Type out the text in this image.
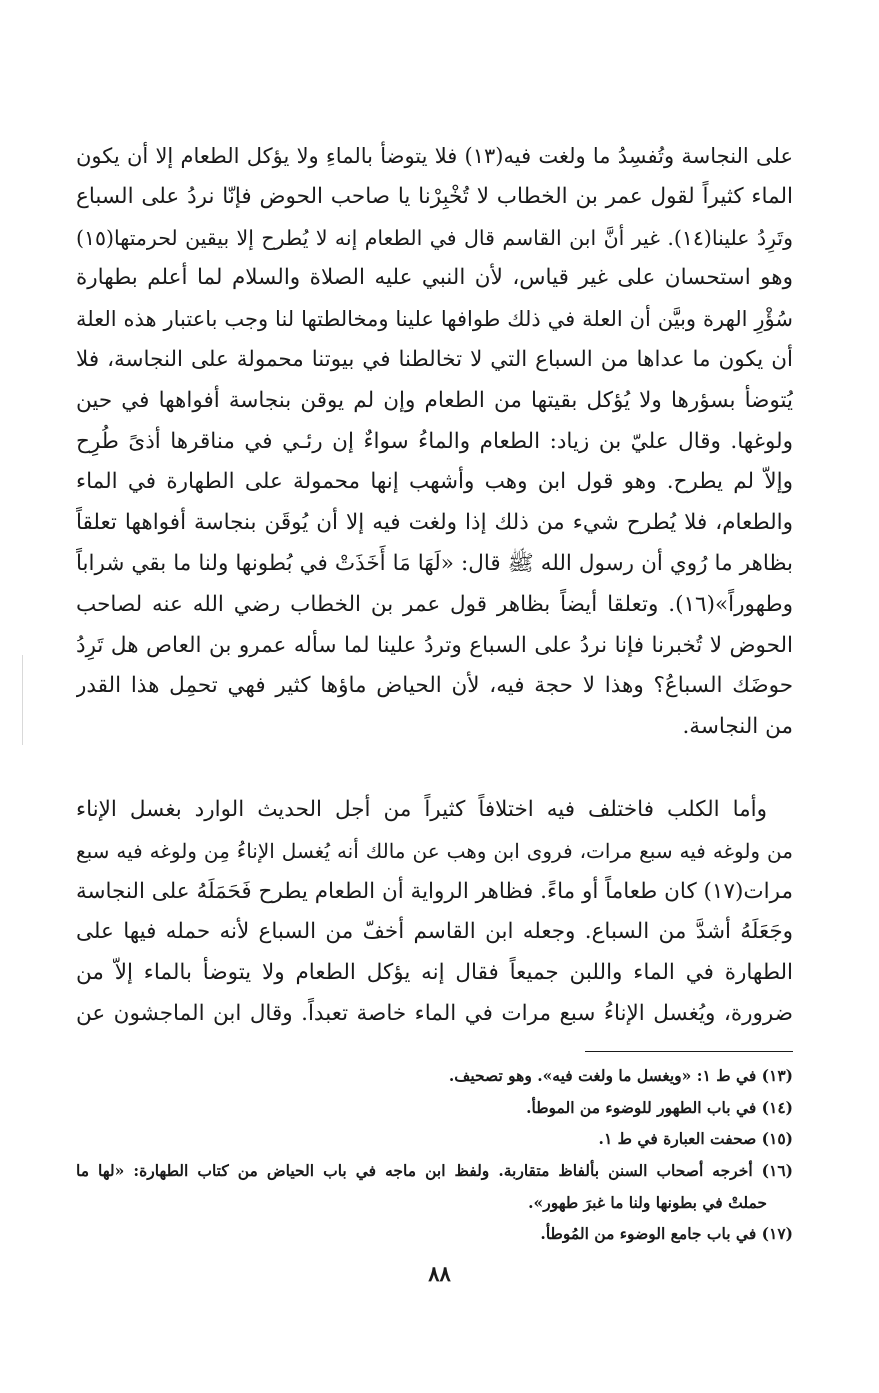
على النجاسة وتُفسِدُ ما ولغت فيه(١٣) فلا يتوضأ بالماءِ ولا يؤكل الطعام إلا أن يكون
الماء كثيراً لقول عمر بن الخطاب لا تُخْبِرْنا يا صاحب الحوض فإنّا نردُ على السباع
وتَرِدُ علينا(١٤). غير أنَّ ابن القاسم قال في الطعام إنه لا يُطرح إلا بيقين لحرمتها(١٥)
وهو استحسان على غير قياس، لأن النبي عليه الصلاة والسلام لما أعلم بطهارة
سُؤْرِ الهرة وبيَّن أن العلة في ذلك طوافها علينا ومخالطتها لنا وجب باعتبار هذه العلة
أن يكون ما عداها من السباع التي لا تخالطنا في بيوتنا محمولة على النجاسة، فلا
يُتوضأ بسؤرها ولا يُؤكل بقيتها من الطعام وإن لم يوقن بنجاسة أفواهها في حين
ولوغها. وقال عليّ بن زياد: الطعام والماءُ سواءٌ إن رئـي في مناقرها أذىً طُرِح
وإلاّ لم يطرح. وهو قول ابن وهب وأشهب إنها محمولة على الطهارة في الماء
والطعام، فلا يُطرح شيء من ذلك إذا ولغت فيه إلا أن يُوقَن بنجاسة أفواهها تعلقاً
بظاهر ما رُوي أن رسول الله ﷺ قال: «لَهَا مَا أَخَذَتْ في بُطونها ولنا ما بقي شراباً
وطهوراً»(١٦). وتعلقا أيضاً بظاهر قول عمر بن الخطاب رضي الله عنه لصاحب
الحوض لا تُخبرنا فإنا نردُ على السباع وتردُ علينا لما سأله عمرو بن العاص هل تَرِدُ
حوضَك السباعُ؟ وهذا لا حجة فيه، لأن الحياض ماؤها كثير فهي تحمِل هذا القدر
من النجاسة.
وأما الكلب فاختلف فيه اختلافاً كثيراً من أجل الحديث الوارد بغسل الإناء
من ولوغه فيه سبع مرات، فروى ابن وهب عن مالك أنه يُغسل الإناءُ مِن ولوغه فيه سبع
مرات(١٧) كان طعاماً أو ماءً. فظاهر الرواية أن الطعام يطرح فَحَمَلَهُ على النجاسة
وجَعَلَهُ أشدَّ من السباع. وجعله ابن القاسم أخفّ من السباع لأنه حمله فيها على
الطهارة في الماء واللبن جميعاً فقال إنه يؤكل الطعام ولا يتوضأ بالماء إلاّ من
ضرورة، ويُغسل الإناءُ سبع مرات في الماء خاصة تعبداً. وقال ابن الماجشون عن
(١٣) في ط ١: «ويغسل ما ولغت فيه». وهو تصحيف.
(١٤) في باب الطهور للوضوء من الموطأ.
(١٥) صحفت العبارة في ط ١.
(١٦) أخرجه أصحاب السنن بألفاظ متقاربة. ولفظ ابن ماجه في باب الحياض من كتاب الطهارة: «لها ما
حملتْ في بطونها ولنا ما غبرَ طهور».
(١٧) في باب جامع الوضوء من المُوطأ.
٨٨
